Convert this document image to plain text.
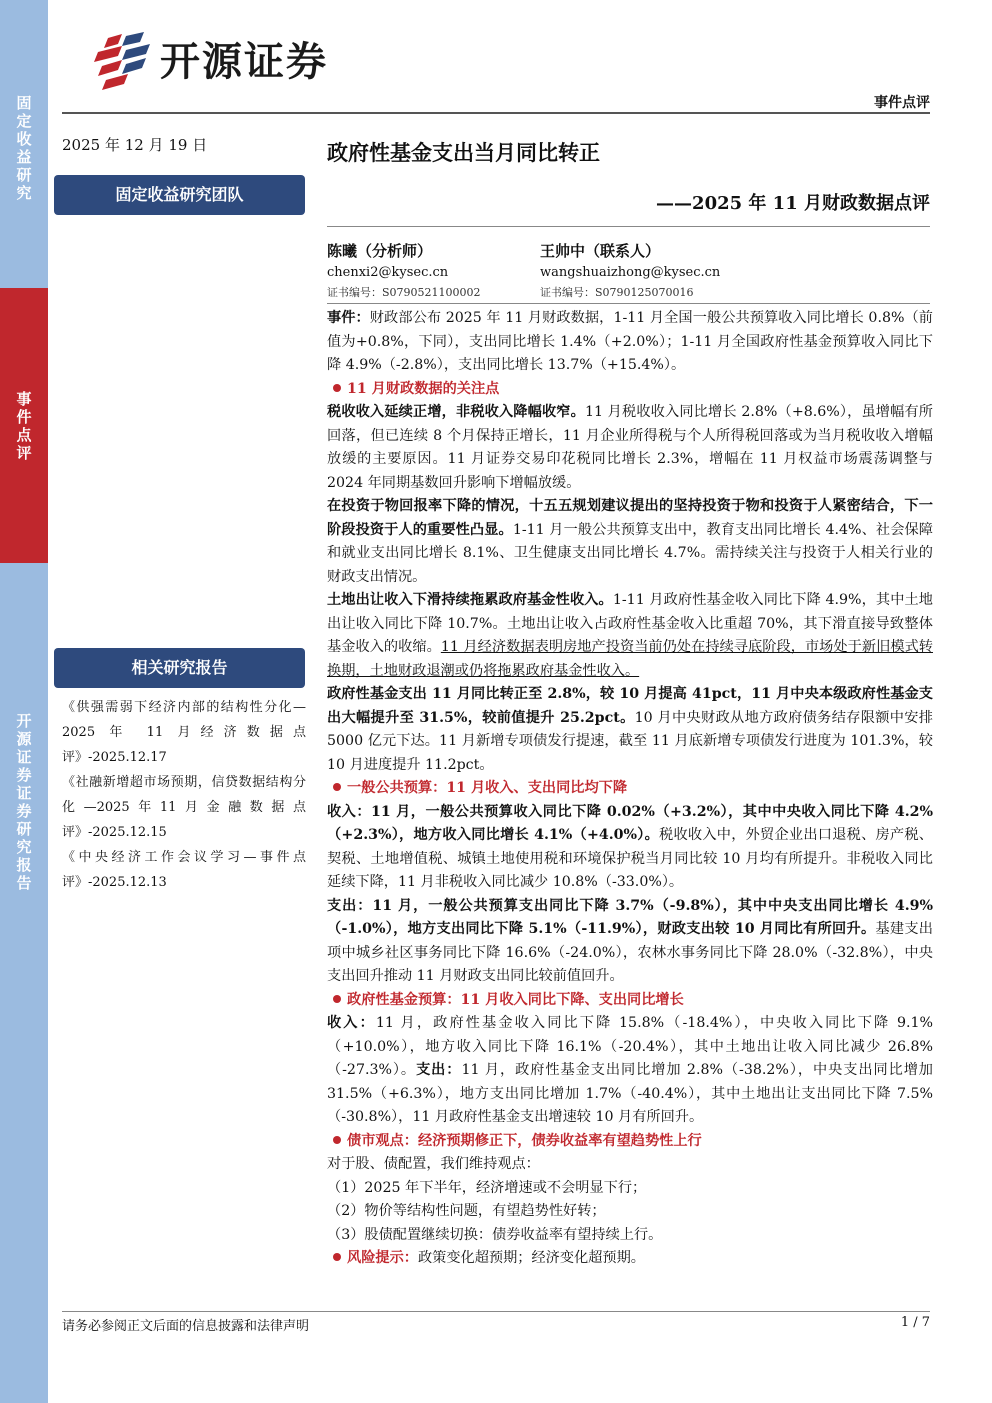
固定收益研究
事件点评
开源证券 证券研究报告
开源证券
事件点评
2025 年 12 月 19 日	政府性基金支出当月同比转正
——2025 年 11 月财政数据点评
固定收益研究团队
相关研究报告
陈曦（分析师）
chenxi2@kysec.cn
证书编号：S0790521100002
王帅中（联系人）
wangshuaizhong@kysec.cn
证书编号：S0790125070016

《供强需弱下经济内部的结构性分化—2025 年 11 月经济数据点评》-2025.12.17

《社融新增超市场预期，信贷数据结构分化—2025年11月金融数据点评》-2025.12.15

《中央经济工作会议学习—事件点评》-2025.12.13

事件：财政部公布 2025 年 11 月财政数据，1-11 月全国一般公共预算收入同比增长 0.8%（前值为+0.8%，下同），支出同比增长 1.4%（+2.0%）；1-11 月全国政府性基金预算收入同比下降 4.9%（-2.8%），支出同比增长 13.7%（+15.4%）。

11 月财政数据的关注点

税收收入延续正增，非税收入降幅收窄。11 月税收收入同比增长 2.8%（+8.6%），虽增幅有所回落，但已连续 8 个月保持正增长，11 月企业所得税与个人所得税回落或为当月税收收入增幅放缓的主要原因。11 月证券交易印花税同比增长 2.3%，增幅在 11 月权益市场震荡调整与 2024 年同期基数回升影响下增幅放缓。

在投资于物回报率下降的情况，十五五规划建议提出的坚持投资于物和投资于人紧密结合，下一阶段投资于人的重要性凸显。1-11 月一般公共预算支出中，教育支出同比增长 4.4%、社会保障和就业支出同比增长 8.1%、卫生健康支出同比增长 4.7%。需持续关注与投资于人相关行业的财政支出情况。

土地出让收入下滑持续拖累政府基金性收入。1-11 月政府性基金收入同比下降 4.9%，其中土地出让收入同比下降 10.7%。土地出让收入占政府性基金收入比重超 70%，其下滑直接导致整体基金收入的收缩。11 月经济数据表明房地产投资当前仍处在持续寻底阶段，市场处于新旧模式转换期，土地财政退潮或仍将拖累政府基金性收入。

政府性基金支出 11 月同比转正至 2.8%，较 10 月提高 41pct，11 月中央本级政府性基金支出大幅提升至 31.5%，较前值提升 25.2pct。10 月中央财政从地方政府债务结存限额中安排 5000 亿元下达。11 月新增专项债发行提速，截至 11 月底新增专项债发行进度为 101.3%，较 10 月进度提升 11.2pct。

一般公共预算：11 月收入、支出同比均下降

收入：11 月，一般公共预算收入同比下降 0.02%（+3.2%），其中中央收入同比下降 4.2%（+2.3%），地方收入同比增长 4.1%（+4.0%）。税收收入中，外贸企业出口退税、房产税、契税、土地增值税、城镇土地使用税和环境保护税当月同比较 10 月均有所提升。非税收入同比延续下降，11 月非税收入同比减少 10.8%（-33.0%）。

支出：11 月，一般公共预算支出同比下降 3.7%（-9.8%），其中中央支出同比增长 4.9%（-1.0%），地方支出同比下降 5.1%（-11.9%），财政支出较 10 月同比有所回升。基建支出项中城乡社区事务同比下降 16.6%（-24.0%），农林水事务同比下降 28.0%（-32.8%），中央支出回升推动 11 月财政支出同比较前值回升。

政府性基金预算：11 月收入同比下降、支出同比增长

收入：11 月，政府性基金收入同比下降 15.8%（-18.4%），中央收入同比下降 9.1%（+10.0%），地方收入同比下降 16.1%（-20.4%），其中土地出让收入同比减少 26.8%（-27.3%）。支出：11 月，政府性基金支出同比增加 2.8%（-38.2%），中央支出同比增加 31.5%（+6.3%），地方支出同比增加 1.7%（-40.4%），其中土地出让支出同比下降 7.5%（-30.8%），11 月政府性基金支出增速较 10 月有所回升。

债市观点：经济预期修正下，债券收益率有望趋势性上行

对于股、债配置，我们维持观点：

（1）2025 年下半年，经济增速或不会明显下行；

（2）物价等结构性问题，有望趋势性好转；

（3）股债配置继续切换：债券收益率有望持续上行。

风险提示：政策变化超预期；经济变化超预期。

请务必参阅正文后面的信息披露和法律声明	1 / 7
